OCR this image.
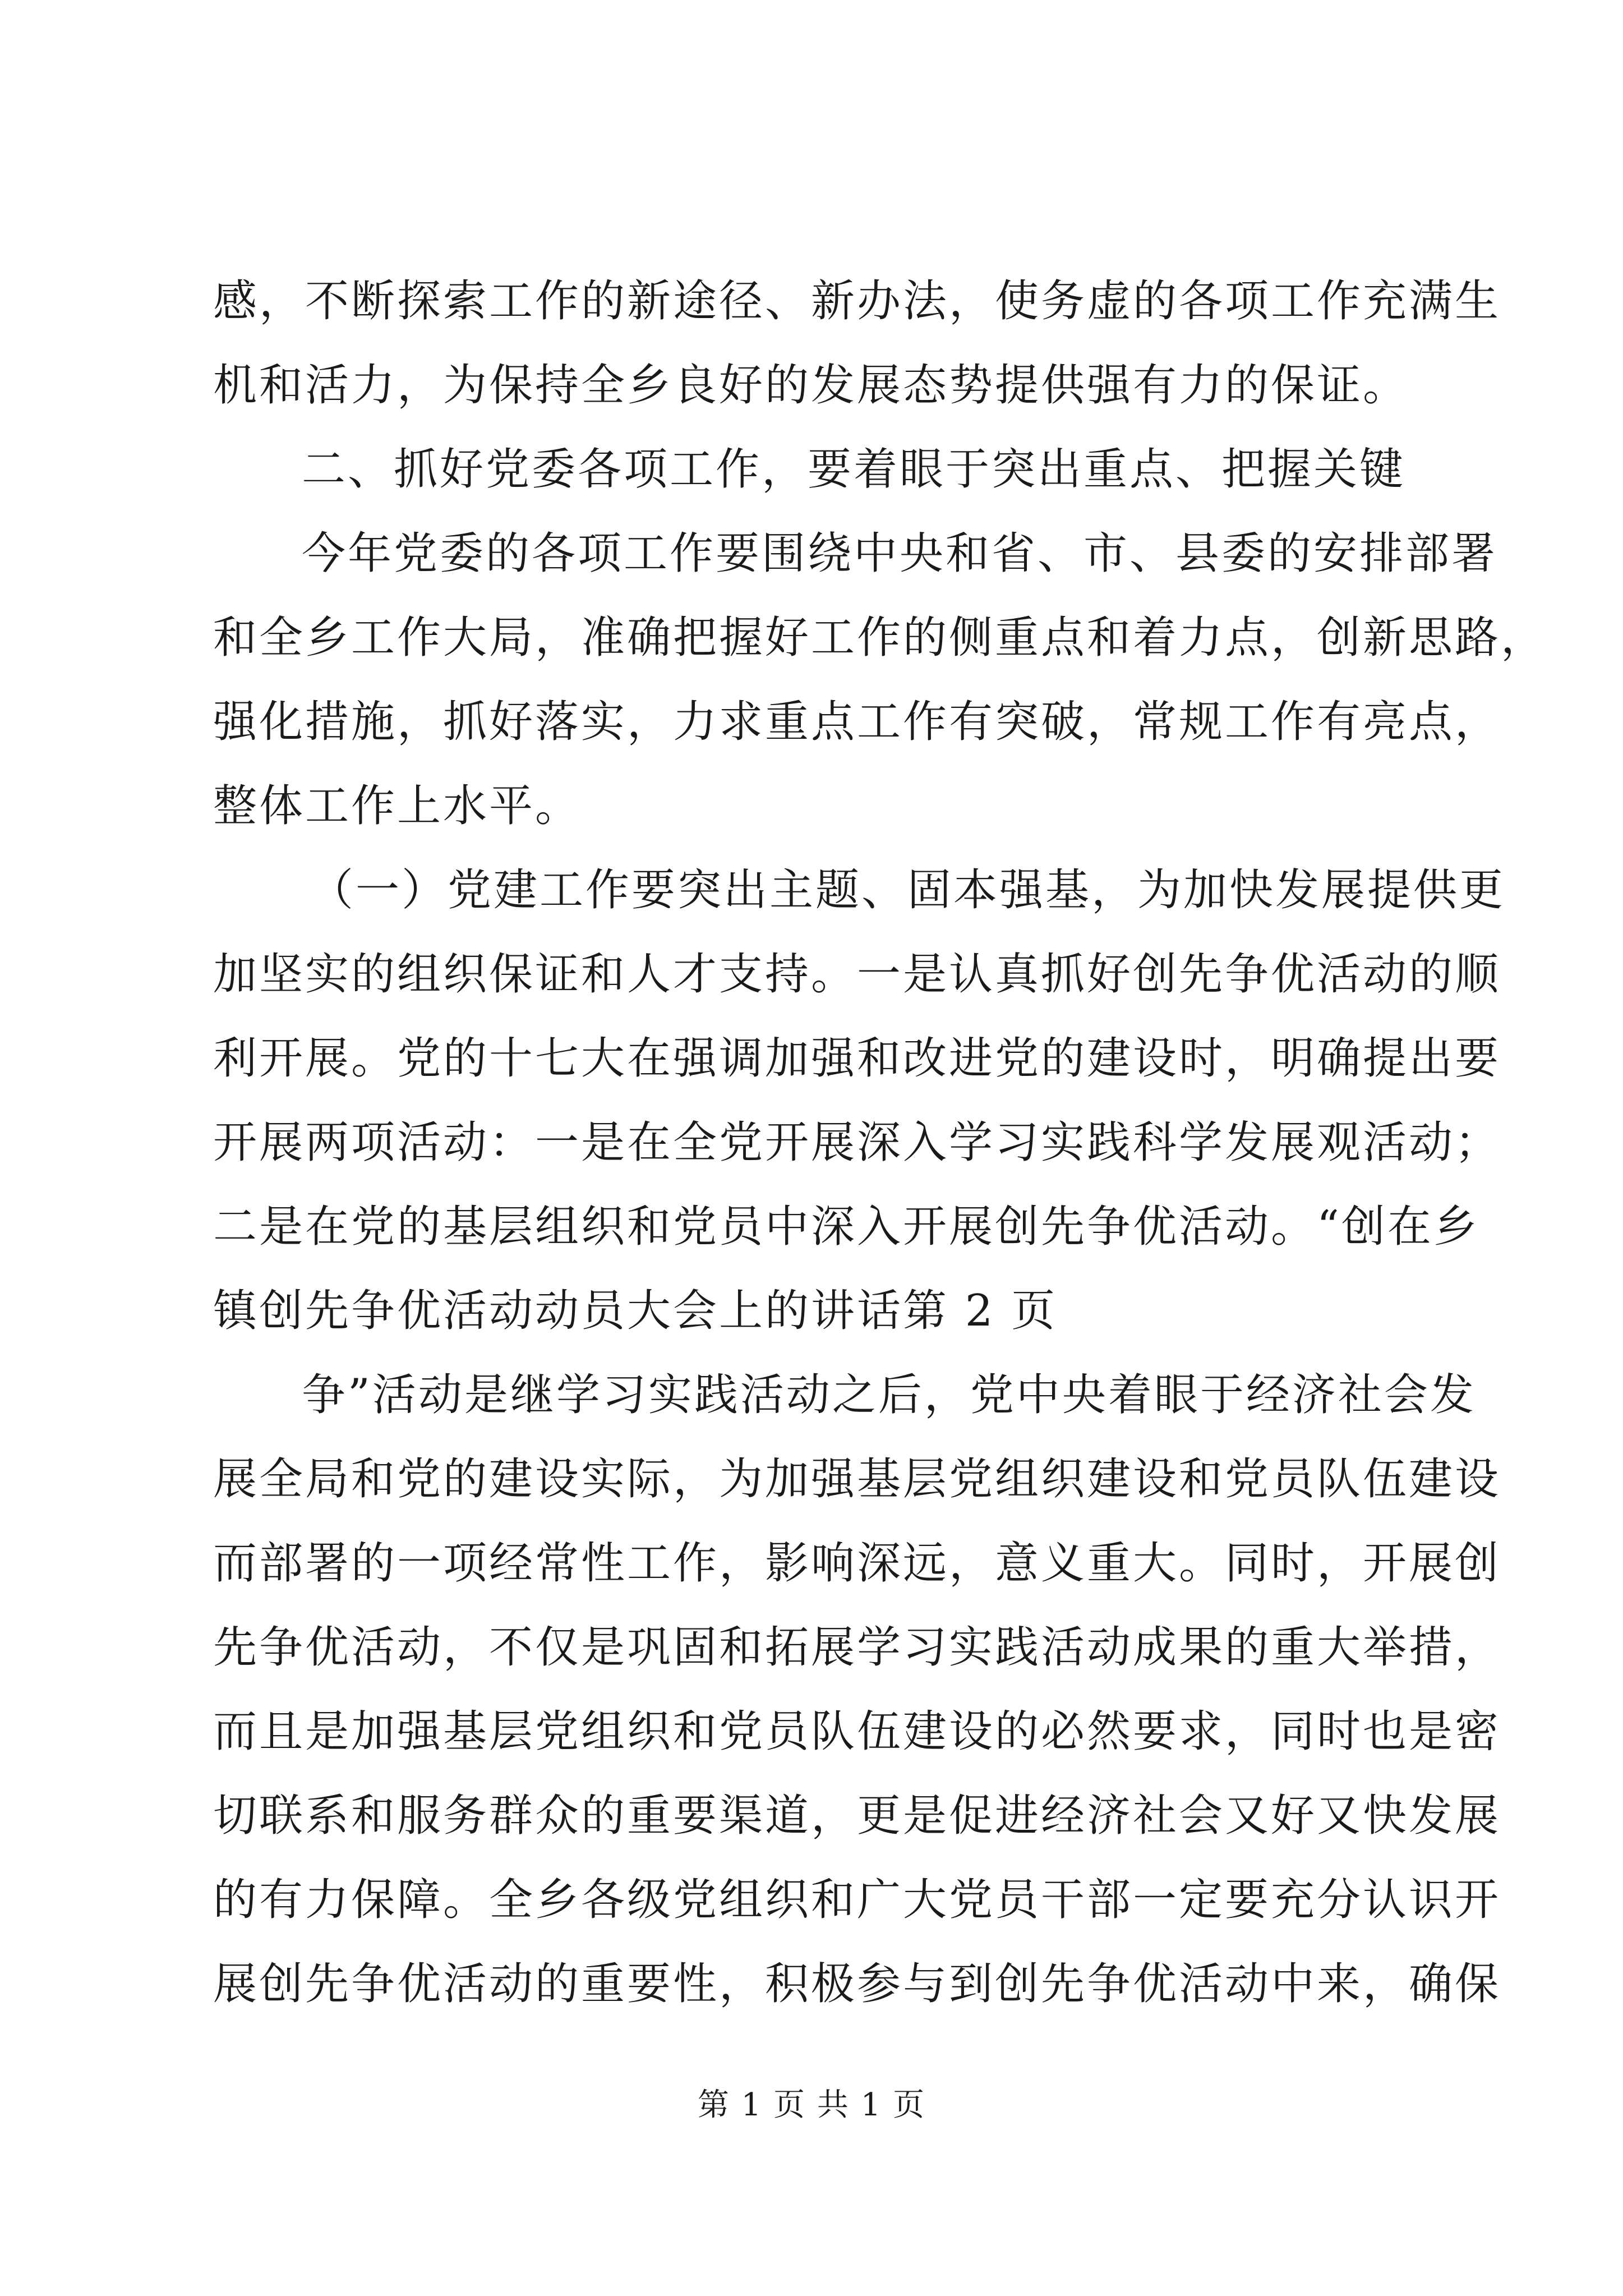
感，不断探索工作的新途径、新办法，使务虚的各项工作充满生
机和活力，为保持全乡良好的发展态势提供强有力的保证。
二、抓好党委各项工作，要着眼于突出重点、把握关键
今年党委的各项工作要围绕中央和省、市、县委的安排部署
和全乡工作大局，准确把握好工作的侧重点和着力点，创新思路，
强化措施，抓好落实，力求重点工作有突破，常规工作有亮点，
整体工作上水平。
（一）党建工作要突出主题、固本强基，为加快发展提供更
加坚实的组织保证和人才支持。一是认真抓好创先争优活动的顺
利开展。党的十七大在强调加强和改进党的建设时，明确提出要
开展两项活动：一是在全党开展深入学习实践科学发展观活动；
二是在党的基层组织和党员中深入开展创先争优活动。“创在乡
镇创先争优活动动员大会上的讲话第 2 页
争”活动是继学习实践活动之后，党中央着眼于经济社会发
展全局和党的建设实际，为加强基层党组织建设和党员队伍建设
而部署的一项经常性工作，影响深远，意义重大。同时，开展创
先争优活动，不仅是巩固和拓展学习实践活动成果的重大举措，
而且是加强基层党组织和党员队伍建设的必然要求，同时也是密
切联系和服务群众的重要渠道，更是促进经济社会又好又快发展
的有力保障。全乡各级党组织和广大党员干部一定要充分认识开
展创先争优活动的重要性，积极参与到创先争优活动中来，确保
第 1 页 共 1 页
